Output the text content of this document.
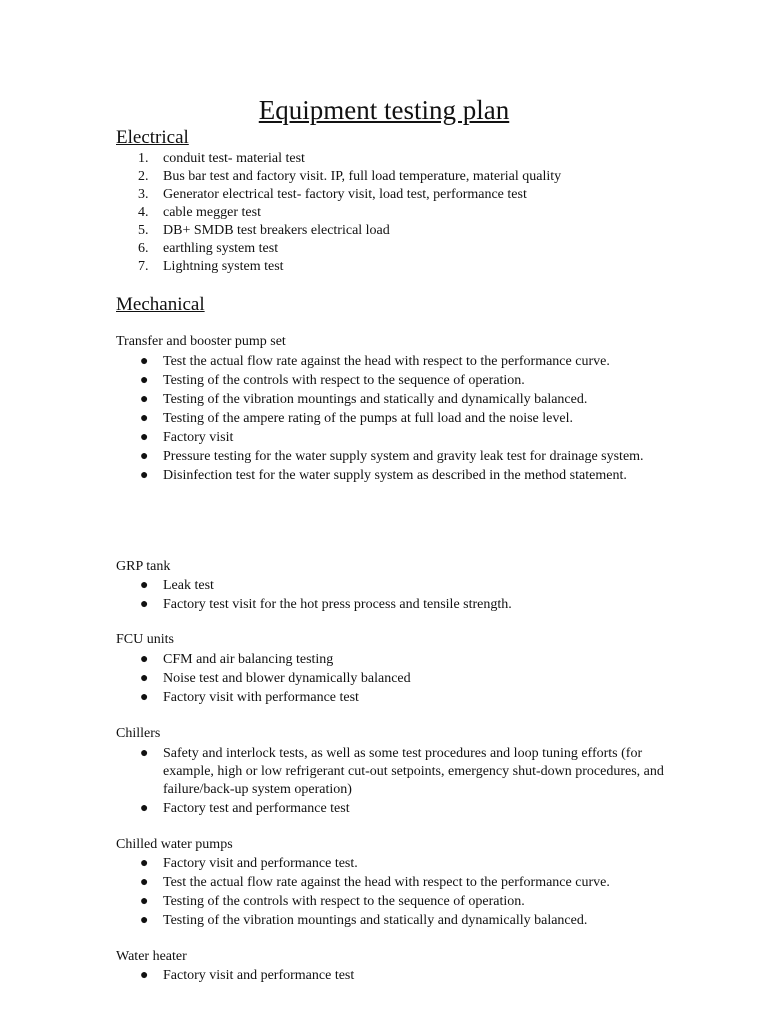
Equipment testing plan
Electrical
1.	conduit test- material test
2.	Bus bar test and factory visit. IP, full load temperature, material quality
3.	Generator electrical test- factory visit, load test, performance test
4.	cable megger test
5.	DB+ SMDB test breakers electrical load
6.	earthling system test
7.	Lightning system test
Mechanical
Transfer and booster pump set
● Test the actual flow rate against the head with respect to the performance curve.
● Testing of the controls with respect to the sequence of operation.
● Testing of the vibration mountings and statically and dynamically balanced.
● Testing of the ampere rating of the pumps at full load and the noise level.
● Factory visit
● Pressure testing for the water supply system and gravity leak test for drainage system.
● Disinfection test for the water supply system as described in the method statement.
GRP tank
● Leak test
● Factory test visit for the hot press process and tensile strength.
FCU units
● CFM and air balancing testing
● Noise test and blower dynamically balanced
● Factory visit with performance test
Chillers
● Safety and interlock tests, as well as some test procedures and loop tuning efforts (for example, high or low refrigerant cut-out setpoints, emergency shut-down procedures, and failure/back-up system operation)
● Factory test and performance test
Chilled water pumps
● Factory visit and performance test.
● Test the actual flow rate against the head with respect to the performance curve.
● Testing of the controls with respect to the sequence of operation.
● Testing of the vibration mountings and statically and dynamically balanced.
Water heater
● Factory visit and performance test
